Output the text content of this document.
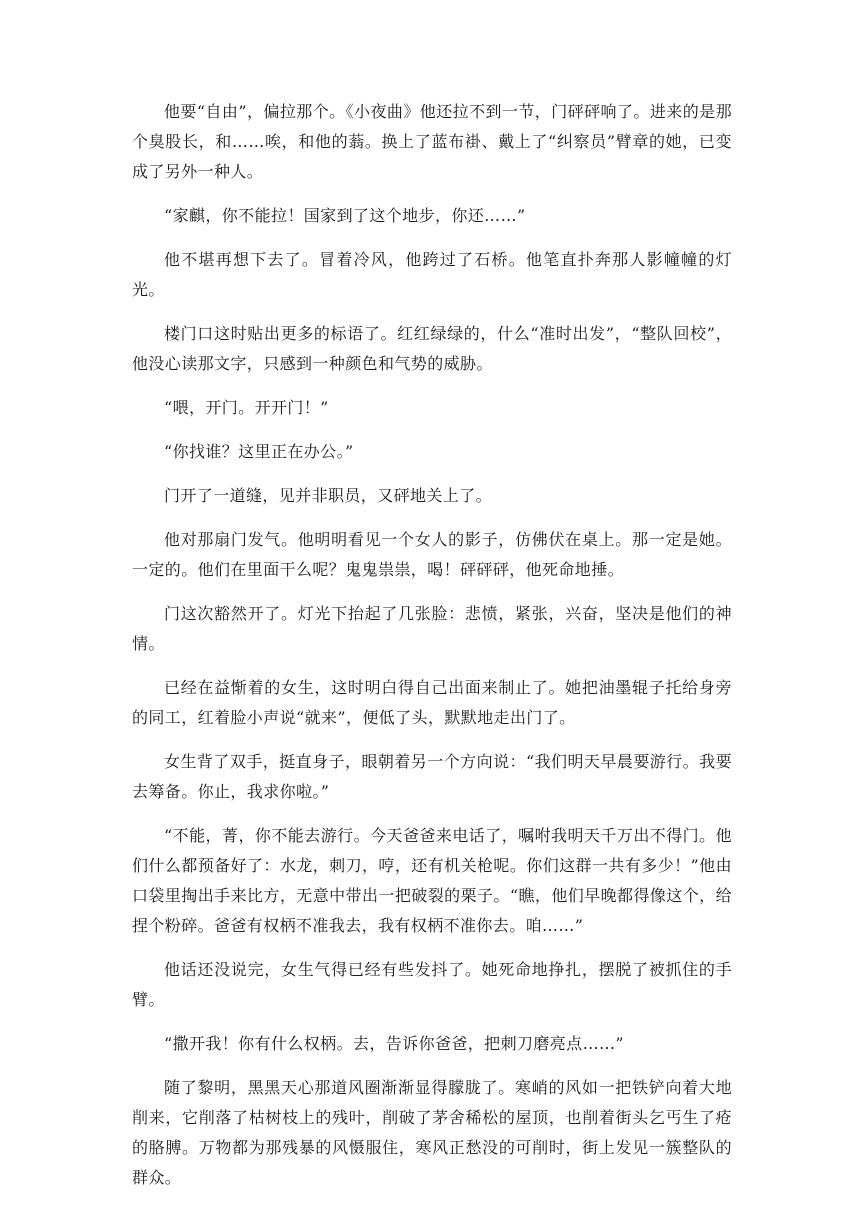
他要“自由”，偏拉那个。《小夜曲》他还拉不到一节，门砰砰响了。进来的是那个臭股长，和……唉，和他的蓊。换上了蓝布褂、戴上了“纠察员”臂章的她，已变成了另外一种人。

“家麒，你不能拉！国家到了这个地步，你还……”

他不堪再想下去了。冒着冷风，他跨过了石桥。他笔直扑奔那人影幢幢的灯光。

楼门口这时贴出更多的标语了。红红绿绿的，什么“准时出发”，“整队回校”，他没心读那文字，只感到一种颜色和气势的威胁。

“喂，开门。开开门！”

“你找谁？这里正在办公。”

门开了一道缝，见并非职员，又砰地关上了。

他对那扇门发气。他明明看见一个女人的影子，仿佛伏在桌上。那一定是她。一定的。他们在里面干么呢？鬼鬼祟祟，喝！砰砰砰，他死命地捶。

门这次豁然开了。灯光下抬起了几张脸：悲愤，紧张，兴奋，坚决是他们的神情。

已经在益惭着的女生，这时明白得自己出面来制止了。她把油墨辊子托给身旁的同工，红着脸小声说“就来”，便低了头，默默地走出门了。

女生背了双手，挺直身子，眼朝着另一个方向说：“我们明天早晨要游行。我要去筹备。你止，我求你啦。”

“不能，菁，你不能去游行。今天爸爸来电话了，嘱咐我明天千万出不得门。他们什么都预备好了：水龙，刺刀，哼，还有机关枪呢。你们这群一共有多少！”他由口袋里掏出手来比方，无意中带出一把破裂的栗子。“瞧，他们早晚都得像这个，给捏个粉碎。爸爸有权柄不准我去，我有权柄不准你去。咱……”

他话还没说完，女生气得已经有些发抖了。她死命地挣扎，摆脱了被抓住的手臂。

“撒开我！你有什么权柄。去，告诉你爸爸，把刺刀磨亮点……”

随了黎明，黑黑天心那道风圈渐渐显得朦胧了。寒峭的风如一把铁铲向着大地削来，它削落了枯树枝上的残叶，削破了茅舍稀松的屋顶，也削着街头乞丐生了疮的胳膊。万物都为那残暴的风慑服住，寒风正愁没的可削时，街上发见一簇整队的群众。
